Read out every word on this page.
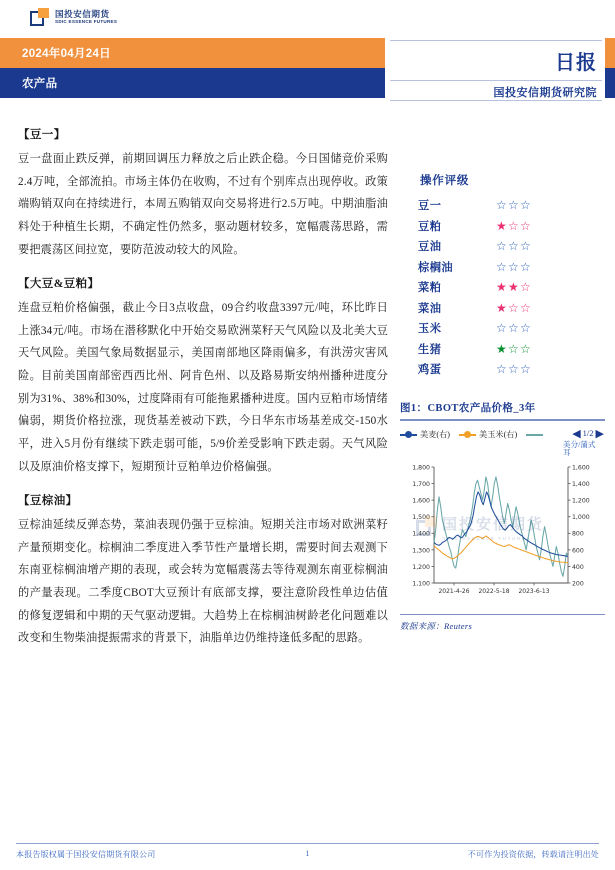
国投安信期货
SDIC ESSENCE FUTURES
2024年04月24日
农产品
日报
国投安信期货研究院

【豆一】

豆一盘面止跌反弹，前期回调压力释放之后止跌企稳。今日国储竞价采购2.4万吨，全部流拍。市场主体仍在收购，不过有个别库点出现停收。政策端购销双向在持续进行，本周五购销双向交易将进行2.5万吨。中期油脂油料处于种植生长期，不确定性仍然多，驱动题材较多，宽幅震荡思路，需要把震荡区间拉宽，要防范波动较大的风险。

【大豆&豆粕】

连盘豆粕价格偏强，截止今日3点收盘，09合约收盘3397元/吨，环比昨日上涨34元/吨。市场在潜移默化中开始交易欧洲菜籽天气风险以及北美大豆天气风险。美国气象局数据显示，美国南部地区降雨偏多，有洪涝灾害风险。目前美国南部密西西比州、阿肯色州、以及路易斯安纳州播种进度分别为31%、38%和30%，过度降雨有可能拖累播种进度。国内豆粕市场情绪偏弱，期货价格拉涨，现货基差被动下跌，今日华东市场基差成交-150水平，进入5月份有继续下跌走弱可能，5/9价差受影响下跌走弱。天气风险以及原油价格支撑下，短期预计豆粕单边价格偏强。

【豆棕油】

豆棕油延续反弹态势，菜油表现仍强于豆棕油。短期关注市场对欧洲菜籽产量预期变化。棕榈油二季度进入季节性产量增长期，需要时间去观测下东南亚棕榈油增产期的表现，或会转为宽幅震荡去等待观测东南亚棕榈油的产量表现。二季度CBOT大豆预计有底部支撑，要注意阶段性单边估值的修复逻辑和中期的天气驱动逻辑。大趋势上在棕榈油树龄老化问题难以改变和生物柴油提振需求的背景下，油脂单边仍维持逢低多配的思路。

操作评级
豆一	☆☆☆
豆粕	★☆☆
豆油	☆☆☆
棕榈油	☆☆☆
菜粕	★★☆
菜油	★☆☆
玉米	☆☆☆
生猪	★☆☆
鸡蛋	☆☆☆
图1：CBOT农产品价格_3年
美麦(右)	美玉米(右)	◀ 1/2 ▶
美分/蒲式耳
国投安信期货
SDIC ESSENCE FUTURES
1,100
1,200
1,300
1,400
1,500
1,600
1,700
1,800
200
400
600
800
1,000
1,200
1,400
1,600
2021-4-26 2022-5-18 2023-6-13
数据来源：Reuters
本报告版权属于国投安信期货有限公司	1	不可作为投资依据，转载请注明出处
